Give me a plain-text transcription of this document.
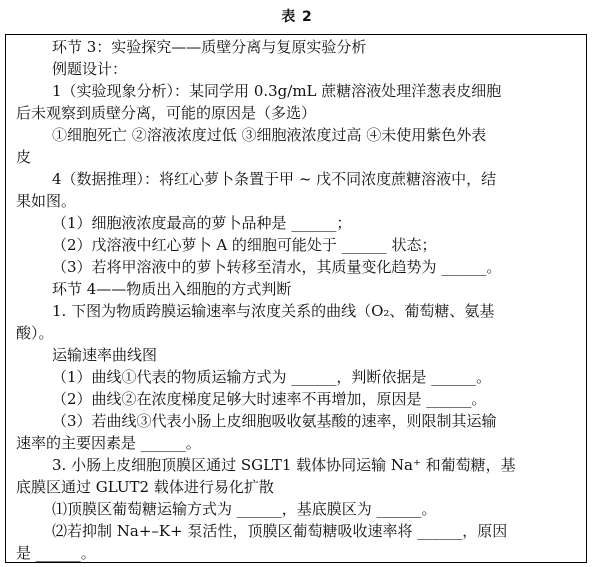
表 2
环节 3：实验探究——质壁分离与复原实验分析
例题设计：
1（实验现象分析）：某同学用 0.3g/mL 蔗糖溶液处理洋葱表皮细胞
后未观察到质壁分离，可能的原因是（多选）
①细胞死亡 ②溶液浓度过低 ③细胞液浓度过高 ④未使用紫色外表
皮
4（数据推理）：将红心萝卜条置于甲 ~ 戊不同浓度蔗糖溶液中，结
果如图。
（1）细胞液浓度最高的萝卜品种是 ______；
（2）戊溶液中红心萝卜 A 的细胞可能处于 ______ 状态；
（3）若将甲溶液中的萝卜转移至清水，其质量变化趋势为 ______。
环节 4——物质出入细胞的方式判断
1. 下图为物质跨膜运输速率与浓度关系的曲线（O₂、葡萄糖、氨基
酸）。
运输速率曲线图
（1）曲线①代表的物质运输方式为 ______，判断依据是 ______。
（2）曲线②在浓度梯度足够大时速率不再增加，原因是 ______。
（3）若曲线③代表小肠上皮细胞吸收氨基酸的速率，则限制其运输
速率的主要因素是 ______。
3. 小肠上皮细胞顶膜区通过 SGLT1 载体协同运输 Na⁺ 和葡萄糖，基
底膜区通过 GLUT2 载体进行易化扩散
⑴顶膜区葡萄糖运输方式为 ______，基底膜区为 ______。
⑵若抑制 Na+–K+ 泵活性，顶膜区葡萄糖吸收速率将 ______，原因
是 ______。
